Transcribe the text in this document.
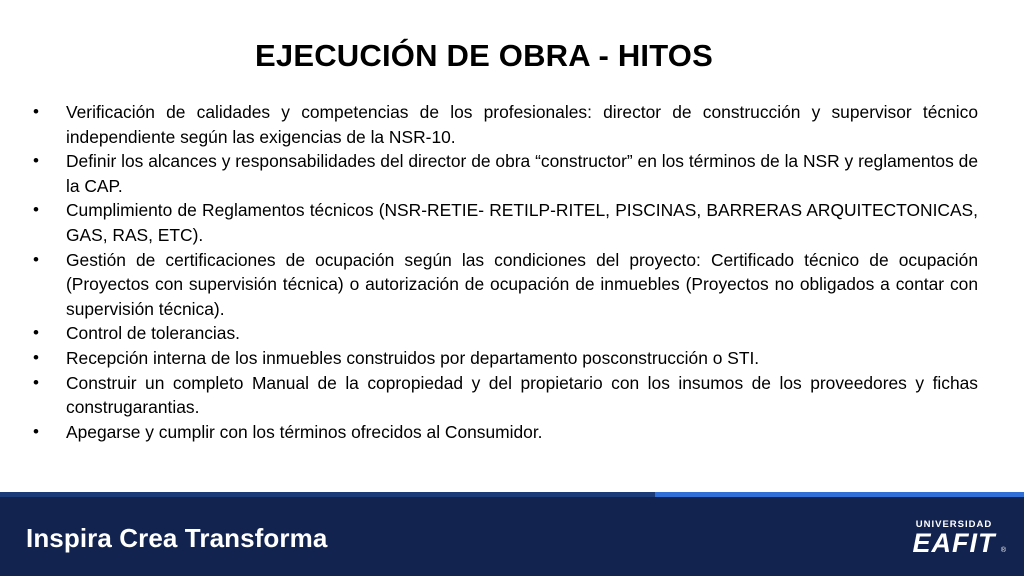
EJECUCIÓN DE OBRA - HITOS
• Verificación de calidades y competencias de los profesionales: director de construcción y supervisor técnico independiente según las exigencias de la NSR-10.
• Definir los alcances y responsabilidades del director de obra “constructor” en los términos de la NSR y reglamentos de la CAP.
• Cumplimiento de Reglamentos técnicos (NSR-RETIE- RETILP-RITEL, PISCINAS, BARRERAS ARQUITECTONICAS, GAS, RAS, ETC).
• Gestión de certificaciones de ocupación según las condiciones del proyecto: Certificado técnico de ocupación (Proyectos con supervisión técnica) o autorización de ocupación de inmuebles (Proyectos no obligados a contar con supervisión técnica).
• Control de tolerancias.
• Recepción interna de los inmuebles construidos por departamento posconstrucción o STI.
• Construir un completo Manual de la copropiedad y del propietario con los insumos de los proveedores y fichas construgarantias.
• Apegarse y cumplir con los términos ofrecidos al Consumidor.
Inspira Crea Transforma	UNIVERSIDAD
EAFIT ®
